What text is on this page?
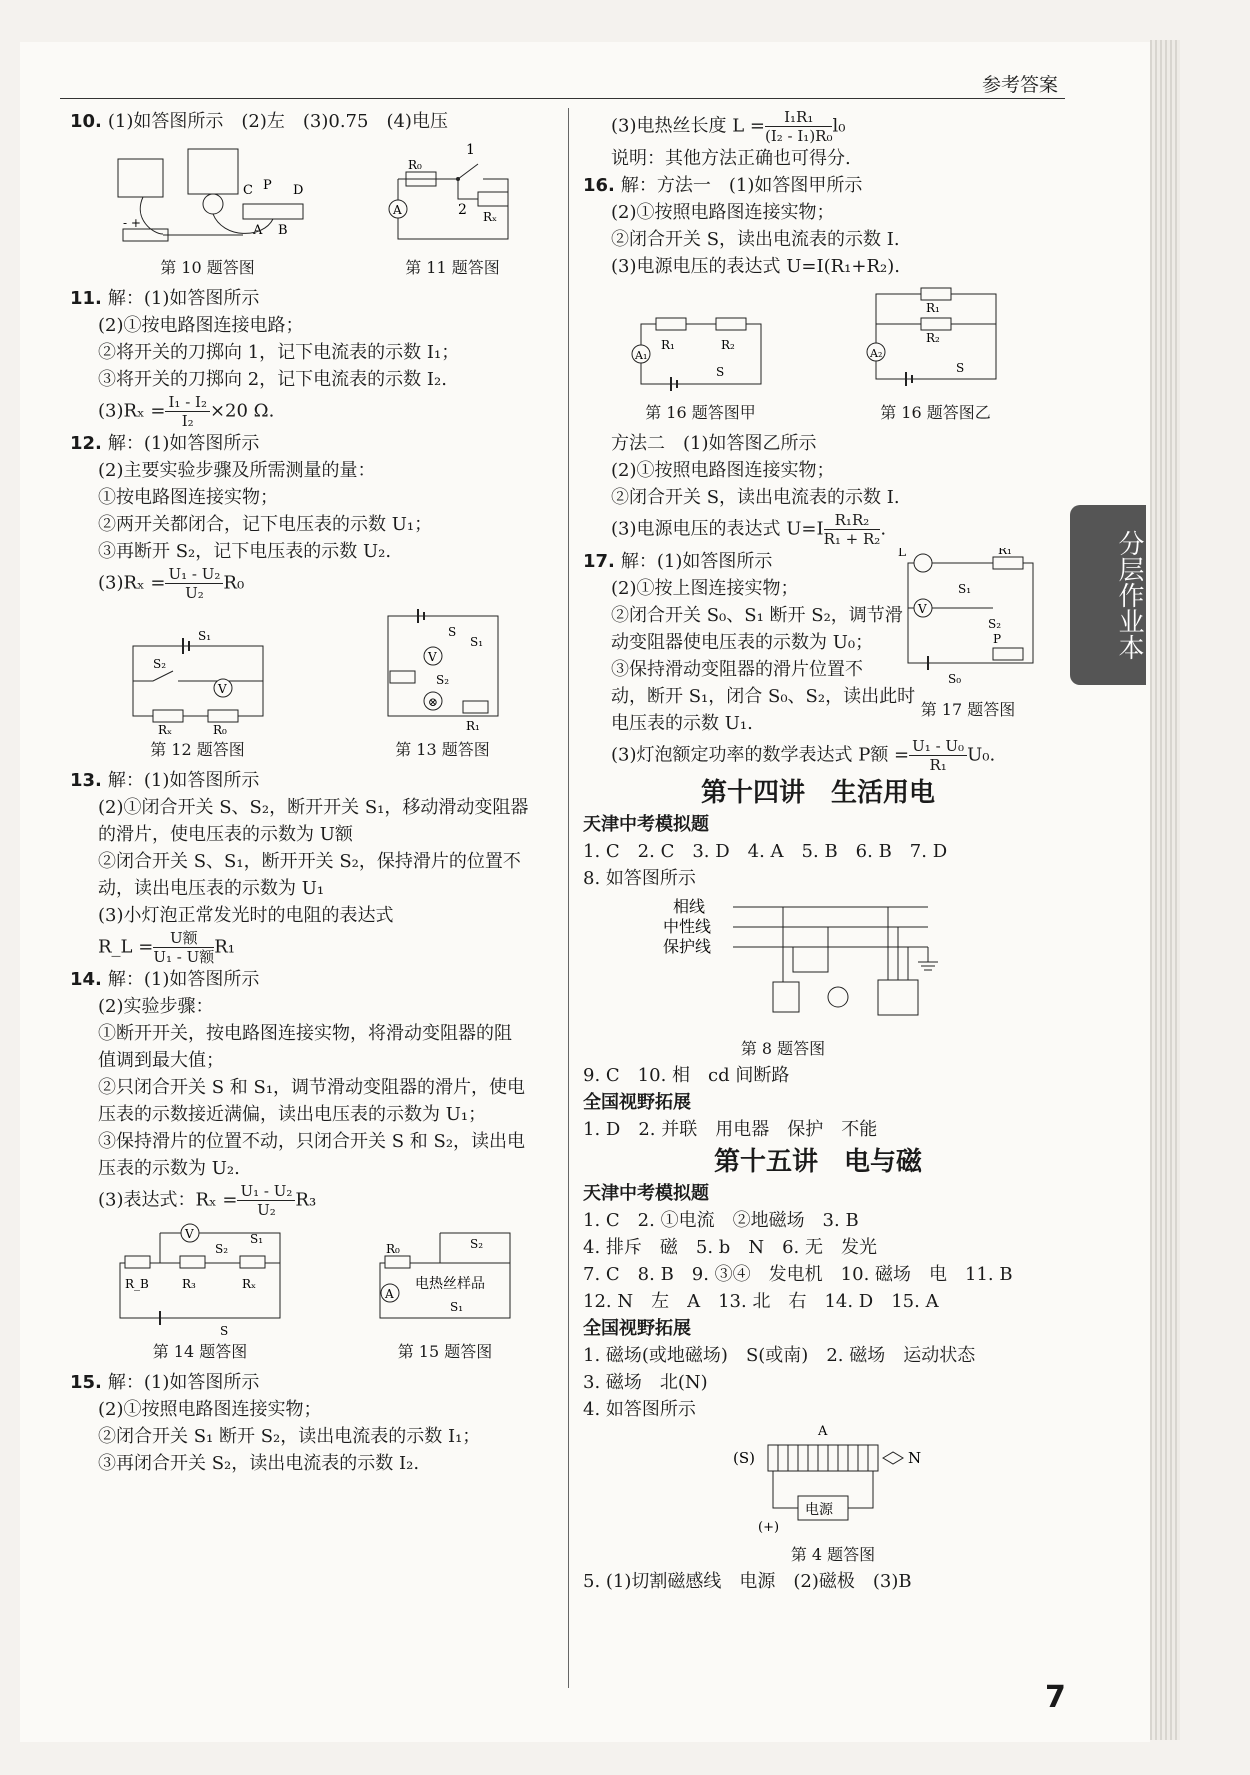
参考答案
10. (1)如答图所示　(2)左　(3)0.75　(4)电压
C P D
A B
- +
第 10 题答图
R₀
1
2 Rₓ
A
第 11 题答图
11. 解：(1)如答图所示
(2)①按电路图连接电路；
②将开关的刀掷向 1，记下电流表的示数 I₁；
③将开关的刀掷向 2，记下电流表的示数 I₂.
$(3)R_x = \frac{\text{I₁ - I₂}}{\text{I₂}} \times 20$ Ω.
12. 解：(1)如答图所示
(2)主要实验步骤及所需测量的量：
①按电路图连接实物；
②两开关都闭合，记下电压表的示数 U₁；
③再断开 S₂，记下电压表的示数 U₂.
$(3)R_x = \frac{\text{U₁ - U₂}}{\text{U₂}} R_0$
S₁
S₂
V
Rₓ	R₀
第 12 题答图
S
S₁
V
⊗
S₂
R₁
第 13 题答图
13. 解：(1)如答图所示
(2)①闭合开关 S、S₂，断开开关 S₁，移动滑动变阻器
的滑片，使电压表的示数为 U额
②闭合开关 S、S₁，断开开关 S₂，保持滑片的位置不
动，读出电压表的示数为 U₁
(3)小灯泡正常发光时的电阻的表达式
R_L = $\frac{\text{U额}}{\text{U₁ - U额}} R_1$
14. 解：(1)如答图所示
(2)实验步骤：
①断开开关，按电路图连接实物，将滑动变阻器的阻
值调到最大值；
②只闭合开关 S 和 S₁，调节滑动变阻器的滑片，使电
压表的示数接近满偏，读出电压表的示数为 U₁；
③保持滑片的位置不动，只闭合开关 S 和 S₂，读出电
压表的示数为 U₂.
(3)表达式：$R_x = \frac{\text{U₁ - U₂}}{\text{U₂}} R_3$
V
S₂
S₁
R_B	R₃	Rₓ
S
第 14 题答图
S₂
R₀
电热丝样品
A
S₁
第 15 题答图
15. 解：(1)如答图所示
(2)①按照电路图连接实物；
②闭合开关 S₁ 断开 S₂，读出电流表的示数 I₁；
③再闭合开关 S₂，读出电流表的示数 I₂.
(3)电热丝长度 $L = \frac{\text{I₁R₁}}{\text{(I₂ - I₁)R₀}} l_0$
说明：其他方法正确也可得分.
16. 解：方法一　(1)如答图甲所示
(2)①按照电路图连接实物；
②闭合开关 S，读出电流表的示数 I.
(3)电源电压的表达式 U=I(R₁+R₂).
R₁	R₂
A₁
S
第 16 题答图甲
R₁
R₂
A₂
S
第 16 题答图乙
方法二　(1)如答图乙所示
(2)①按照电路图连接实物；
②闭合开关 S，读出电流表的示数 I.
(3)电源电压的表达式 $U=I \frac{\text{R₁R₂}}{\text{R₁ + R₂}}$ .
17. 解：(1)如答图所示
(2)①按上图连接实物；
②闭合开关 S₀、S₁ 断开 S₂，调节滑
动变阻器使电压表的示数为 U₀；
③保持滑动变阻器的滑片位置不
动，断开 S₁，闭合 S₀、S₂，读出此时
电压表的示数 U₁.
L	R₁
V
S₁
S₂
P
S₀
第 17 题答图
(3)灯泡额定功率的数学表达式 P额 = $\frac{\text{U₁ - U₀}}{\text{R₁}} U_0$.
第十四讲　生活用电
天津中考模拟题
1. C　2. C　3. D　4. A　5. B　6. B　7. D
8. 如答图所示
相线
中性线
保护线
第 8 题答图
9. C　10. 相　cd 间断路
全国视野拓展
1. D　2. 并联　用电器　保护　不能
第十五讲　电与磁
天津中考模拟题
1. C　2. ①电流　②地磁场　3. B
4. 排斥　磁　5. b　N　6. 无　发光
7. C　8. B　9. ③④　发电机　10. 磁场　电　11. B
12. N　左　A　13. 北　右　14. D　15. A
全国视野拓展
1. 磁场(或地磁场)　S(或南)　2. 磁场　运动状态
3. 磁场　北(N)
4. 如答图所示
A
(S)	N
电源
(+)
第 4 题答图
5. (1)切割磁感线　电源　(2)磁极　(3)B
分层作业本
7
